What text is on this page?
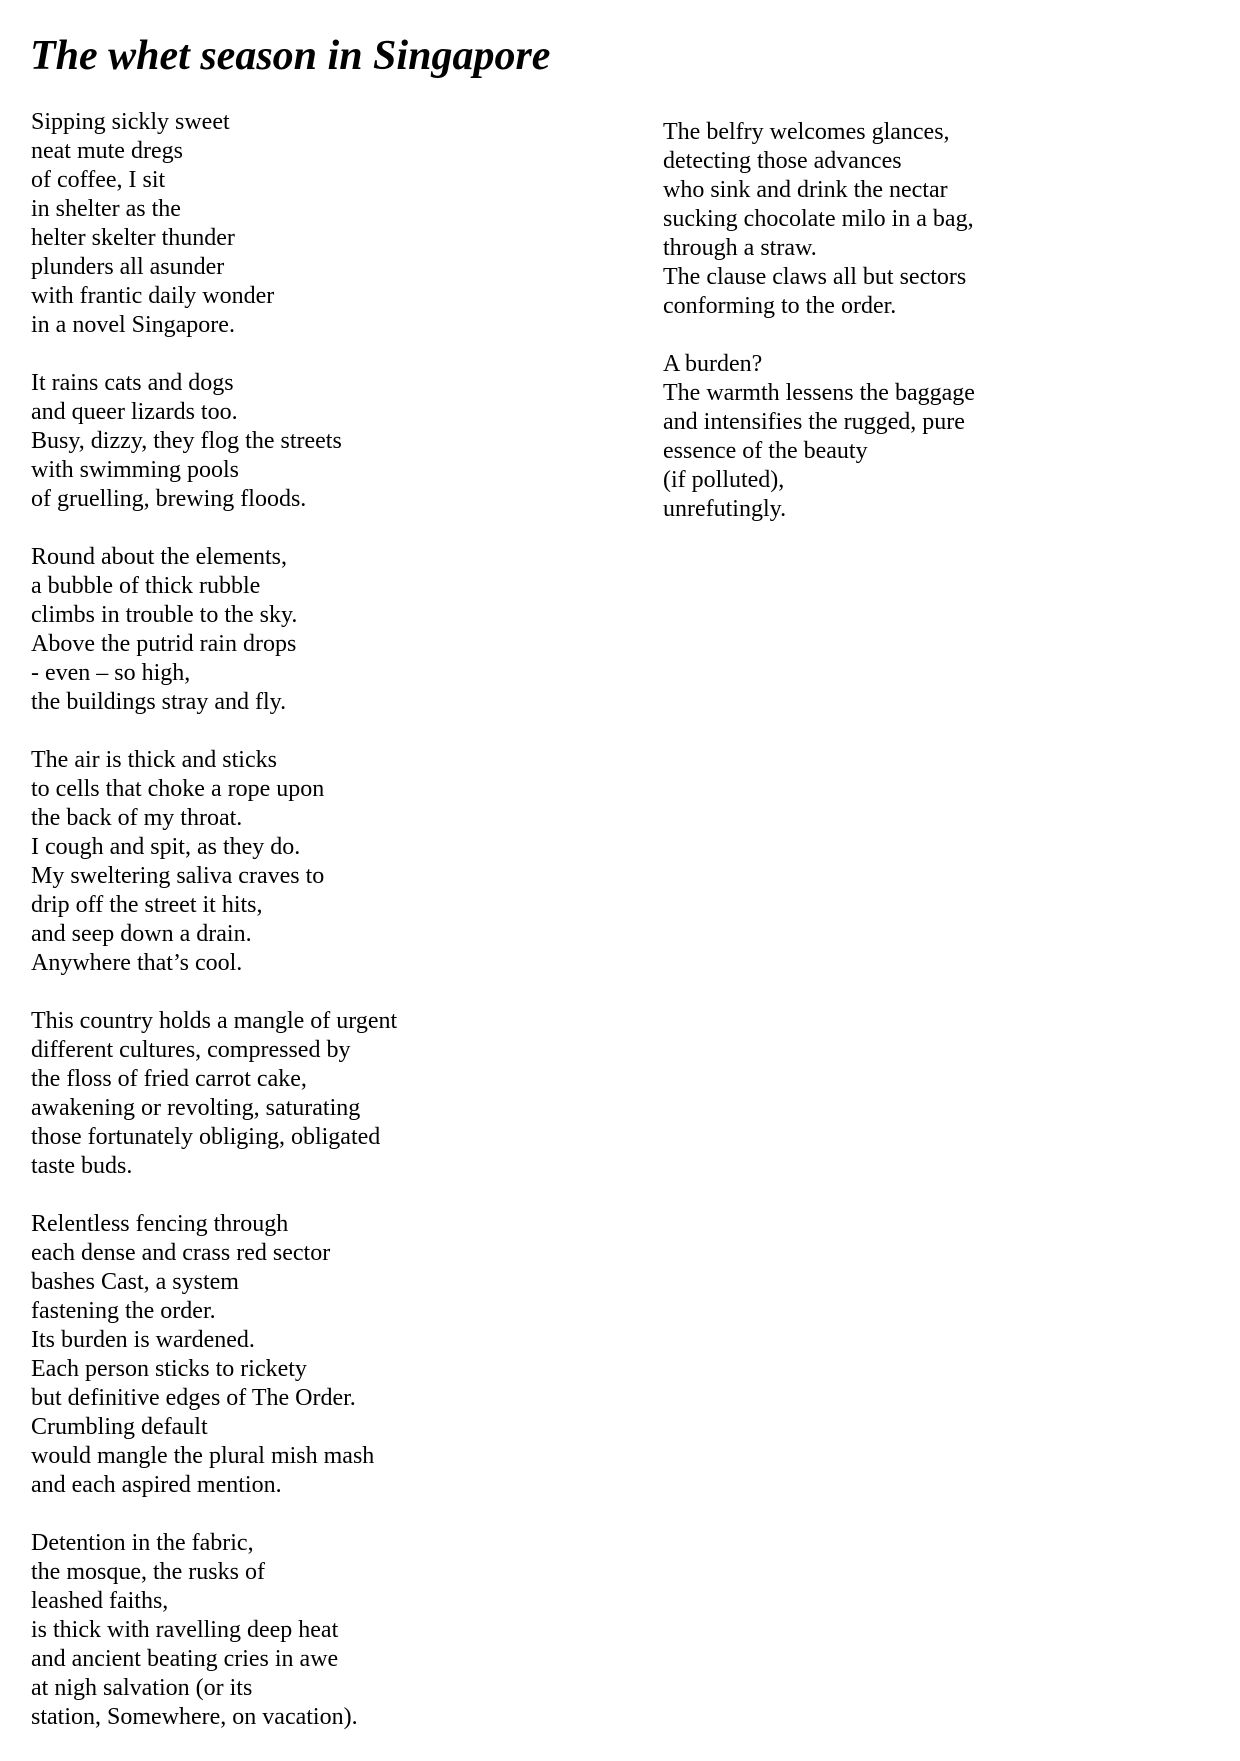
The whet season in Singapore
Sipping sickly sweet
neat mute dregs
of coffee, I sit
in shelter as the
helter skelter thunder
plunders all asunder
with frantic daily wonder
in a novel Singapore.
It rains cats and dogs
and queer lizards too.
Busy, dizzy, they flog the streets
with swimming pools
of gruelling, brewing floods.
Round about the elements,
a bubble of thick rubble
climbs in trouble to the sky.
Above the putrid rain drops
- even – so high,
the buildings stray and fly.
The air is thick and sticks
to cells that choke a rope upon
the back of my throat.
I cough and spit, as they do.
My sweltering saliva craves to
drip off the street it hits,
and seep down a drain.
Anywhere that’s cool.
This country holds a mangle of urgent
different cultures, compressed by
the floss of fried carrot cake,
awakening or revolting, saturating
those fortunately obliging, obligated
taste buds.
Relentless fencing through
each dense and crass red sector
bashes Cast, a system
fastening the order.
Its burden is wardened.
Each person sticks to rickety
but definitive edges of The Order.
Crumbling default
would mangle the plural mish mash
and each aspired mention.
Detention in the fabric,
the mosque, the rusks of
leashed faiths,
is thick with ravelling deep heat
and ancient beating cries in awe
at nigh salvation (or its
station, Somewhere, on vacation).
The belfry welcomes glances,
detecting those advances
who sink and drink the nectar
sucking chocolate milo in a bag,
through a straw.
The clause claws all but sectors
conforming to the order.
A burden?
The warmth lessens the baggage
and intensifies the rugged, pure
essence of the beauty
(if polluted),
unrefutingly.
